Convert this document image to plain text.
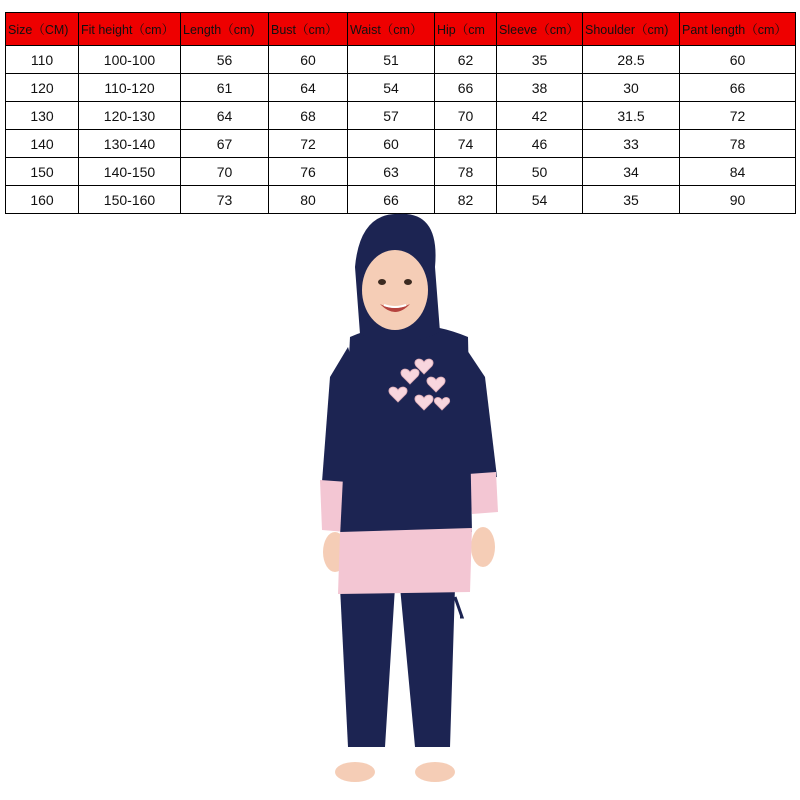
Size（CM)	Fit height（cm）	Length（cm)	Bust（cm）	Waist（cm）	Hip（cm	Sleeve（cm）	Shoulder（cm)	Pant length（cm）
110	100-100	56	60	51	62	35	28.5	60
120	110-120	61	64	54	66	38	30	66
130	120-130	64	68	57	70	42	31.5	72
140	130-140	67	72	60	74	46	33	78
150	140-150	70	76	63	78	50	34	84
160	150-160	73	80	66	82	54	35	90
